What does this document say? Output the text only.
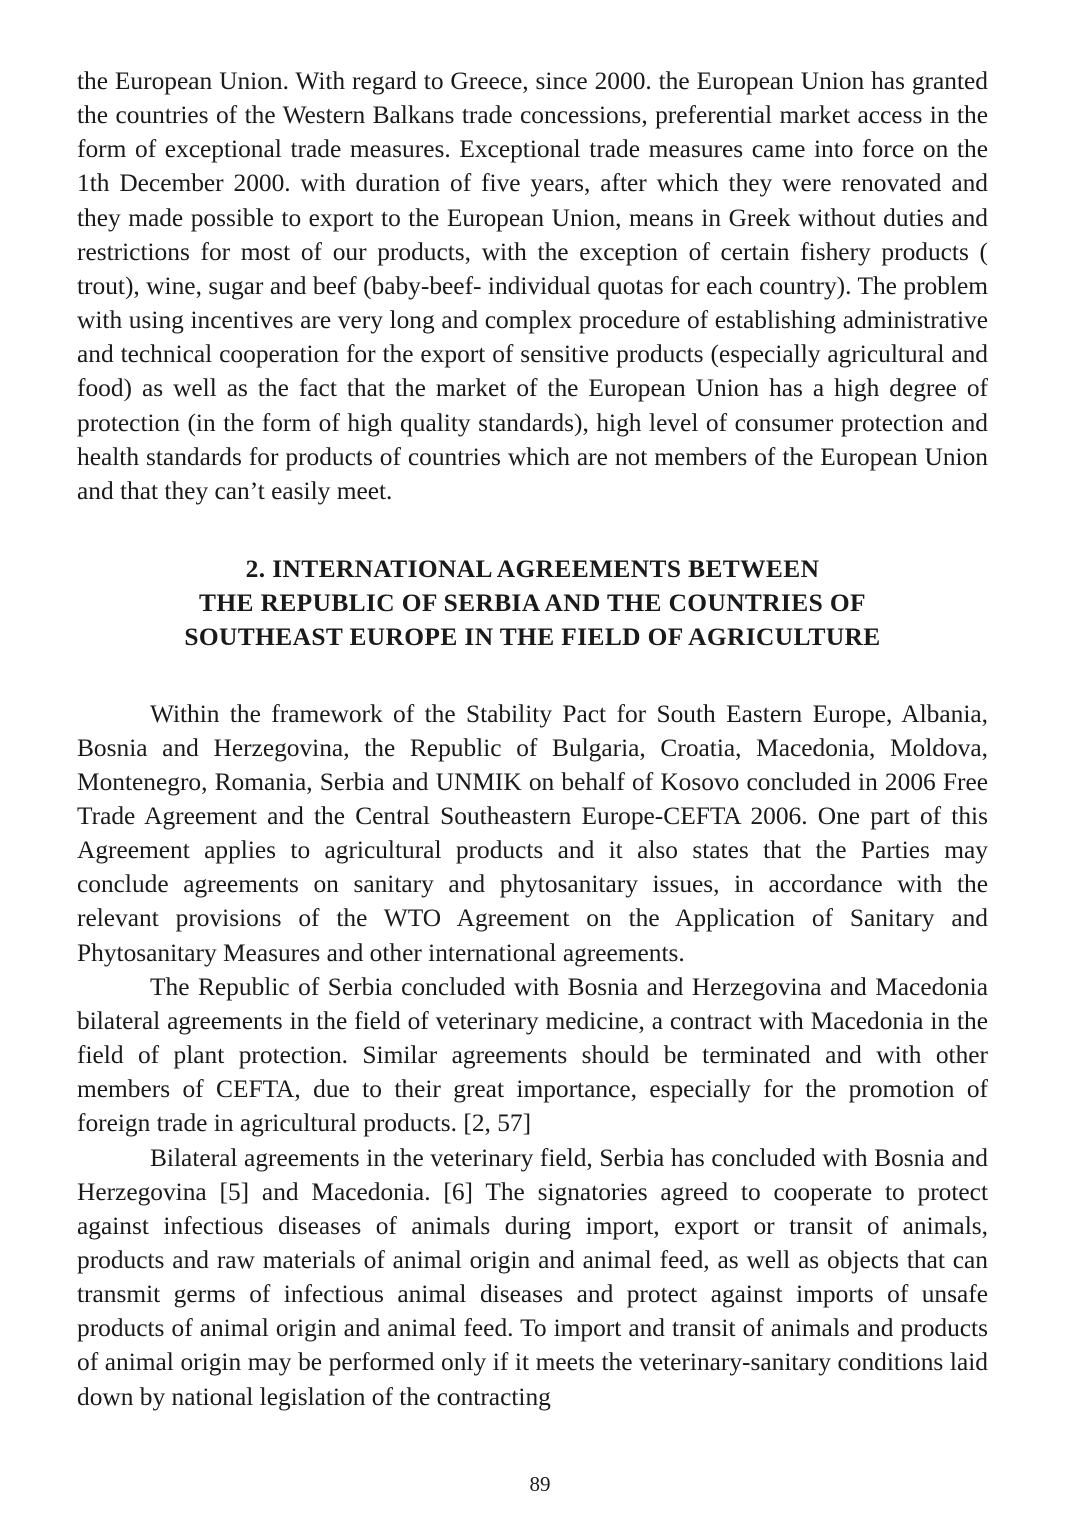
the European Union. With regard to Greece, since 2000. the European Union has granted the countries of the Western Balkans trade concessions, preferential market access in the form of exceptional trade measures. Exceptional trade measures came into force on the 1th December 2000. with duration of five years, after which they were renovated and they made possible to export to the European Union, means in Greek without duties and restrictions for most of our products, with the exception of certain fishery products ( trout), wine, sugar and beef (baby-beef- individual quotas for each country). The problem with using incentives are very long and complex procedure of establishing administrative and technical cooperation for the export of sensitive products (especially agricultural and food) as well as the fact that the market of the European Union has a high degree of protection (in the form of high quality standards), high level of consumer protection and health standards for products of countries which are not members of the European Union and that they can’t easily meet.

2. INTERNATIONAL AGREEMENTS BETWEEN
THE REPUBLIC OF SERBIA AND THE COUNTRIES OF
SOUTHEAST EUROPE IN THE FIELD OF AGRICULTURE

Within the framework of the Stability Pact for South Eastern Europe, Albania, Bosnia and Herzegovina, the Republic of Bulgaria, Croatia, Macedonia, Moldova, Montenegro, Romania, Serbia and UNMIK on behalf of Kosovo concluded in 2006 Free Trade Agreement and the Central Southeastern Europe-CEFTA 2006. One part of this Agreement applies to agricultural products and it also states that the Parties may conclude agreements on sanitary and phytosanitary issues, in accordance with the relevant provisions of the WTO Agreement on the Application of Sanitary and Phytosanitary Measures and other international agreements.

The Republic of Serbia concluded with Bosnia and Herzegovina and Macedonia bilateral agreements in the field of veterinary medicine, a contract with Macedonia in the field of plant protection. Similar agreements should be terminated and with other members of CEFTA, due to their great importance, especially for the promotion of foreign trade in agricultural products. [2, 57]

Bilateral agreements in the veterinary field, Serbia has concluded with Bosnia and Herzegovina [5] and Macedonia. [6] The signatories agreed to cooperate to protect against infectious diseases of animals during import, export or transit of animals, products and raw materials of animal origin and animal feed, as well as objects that can transmit germs of infectious animal diseases and protect against imports of unsafe products of animal origin and animal feed. To import and transit of animals and products of animal origin may be performed only if it meets the veterinary-sanitary conditions laid down by national legislation of the contracting

89
